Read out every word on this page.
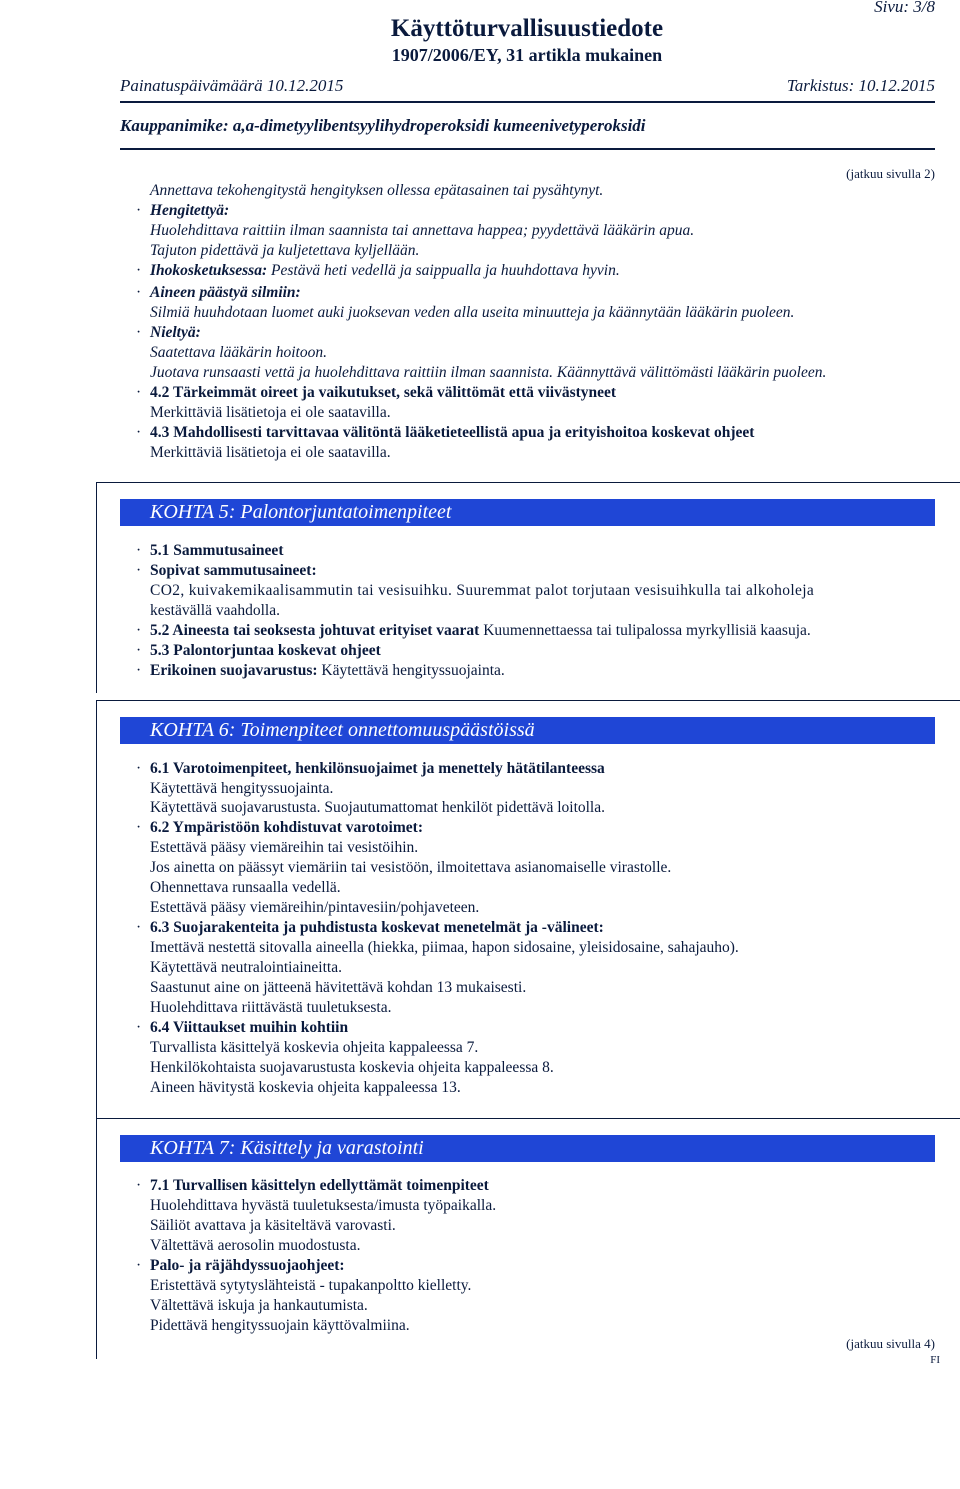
Sivu: 3/8
Käyttöturvallisuustiedote
1907/2006/EY, 31 artikla mukainen
Painatuspäivämäärä 10.12.2015	Tarkistus: 10.12.2015
Kauppanimike: a,a-dimetyylibentsyylihydroperoksidi kumeenivetyperoksidi
(jatkuu sivulla 2)
Annettava tekohengitystä hengityksen ollessa epätasainen tai pysähtynyt.
· Hengitettyä:
Huolehdittava raittiin ilman saannista tai annettava happea; pyydettävä lääkärin apua.
Tajuton pidettävä ja kuljetettava kyljellään.
· Ihokosketuksessa: Pestävä heti vedellä ja saippualla ja huuhdottava hyvin.
· Aineen päästyä silmiin:
Silmiä huuhdotaan luomet auki juoksevan veden alla useita minuutteja ja käännytään lääkärin puoleen.
· Nieltyä:
Saatettava lääkärin hoitoon.
Juotava runsaasti vettä ja huolehdittava raittiin ilman saannista. Käännyttävä välittömästi lääkärin puoleen.
· 4.2 Tärkeimmät oireet ja vaikutukset, sekä välittömät että viivästyneet
Merkittäviä lisätietoja ei ole saatavilla.
· 4.3 Mahdollisesti tarvittavaa välitöntä lääketieteellistä apua ja erityishoitoa koskevat ohjeet
Merkittäviä lisätietoja ei ole saatavilla.
KOHTA 5: Palontorjuntatoimenpiteet
· 5.1 Sammutusaineet
· Sopivat sammutusaineet:
CO2, kuivakemikaalisammutin tai vesisuihku. Suuremmat palot torjutaan vesisuihkulla tai alkoholeja
kestävällä vaahdolla.
· 5.2 Aineesta tai seoksesta johtuvat erityiset vaarat Kuumennettaessa tai tulipalossa myrkyllisiä kaasuja.
· 5.3 Palontorjuntaa koskevat ohjeet
· Erikoinen suojavarustus: Käytettävä hengityssuojainta.
KOHTA 6: Toimenpiteet onnettomuuspäästöissä
· 6.1 Varotoimenpiteet, henkilönsuojaimet ja menettely hätätilanteessa
Käytettävä hengityssuojainta.
Käytettävä suojavarustusta. Suojautumattomat henkilöt pidettävä loitolla.
· 6.2 Ympäristöön kohdistuvat varotoimet:
Estettävä pääsy viemäreihin tai vesistöihin.
Jos ainetta on päässyt viemäriin tai vesistöön, ilmoitettava asianomaiselle virastolle.
Ohennettava runsaalla vedellä.
Estettävä pääsy viemäreihin/pintavesiin/pohjaveteen.
· 6.3 Suojarakenteita ja puhdistusta koskevat menetelmät ja -välineet:
Imettävä nestettä sitovalla aineella (hiekka, piimaa, hapon sidosaine, yleisidosaine, sahajauho).
Käytettävä neutralointiaineitta.
Saastunut aine on jätteenä hävitettävä kohdan 13 mukaisesti.
Huolehdittava riittävästä tuuletuksesta.
· 6.4 Viittaukset muihin kohtiin
Turvallista käsittelyä koskevia ohjeita kappaleessa 7.
Henkilökohtaista suojavarustusta koskevia ohjeita kappaleessa 8.
Aineen hävitystä koskevia ohjeita kappaleessa 13.
KOHTA 7: Käsittely ja varastointi
· 7.1 Turvallisen käsittelyn edellyttämät toimenpiteet
Huolehdittava hyvästä tuuletuksesta/imusta työpaikalla.
Säiliöt avattava ja käsiteltävä varovasti.
Vältettävä aerosolin muodostusta.
· Palo- ja räjähdyssuojaohjeet:
Eristettävä sytytyslähteistä - tupakanpoltto kielletty.
Vältettävä iskuja ja hankautumista.
Pidettävä hengityssuojain käyttövalmiina.
(jatkuu sivulla 4)
FI
